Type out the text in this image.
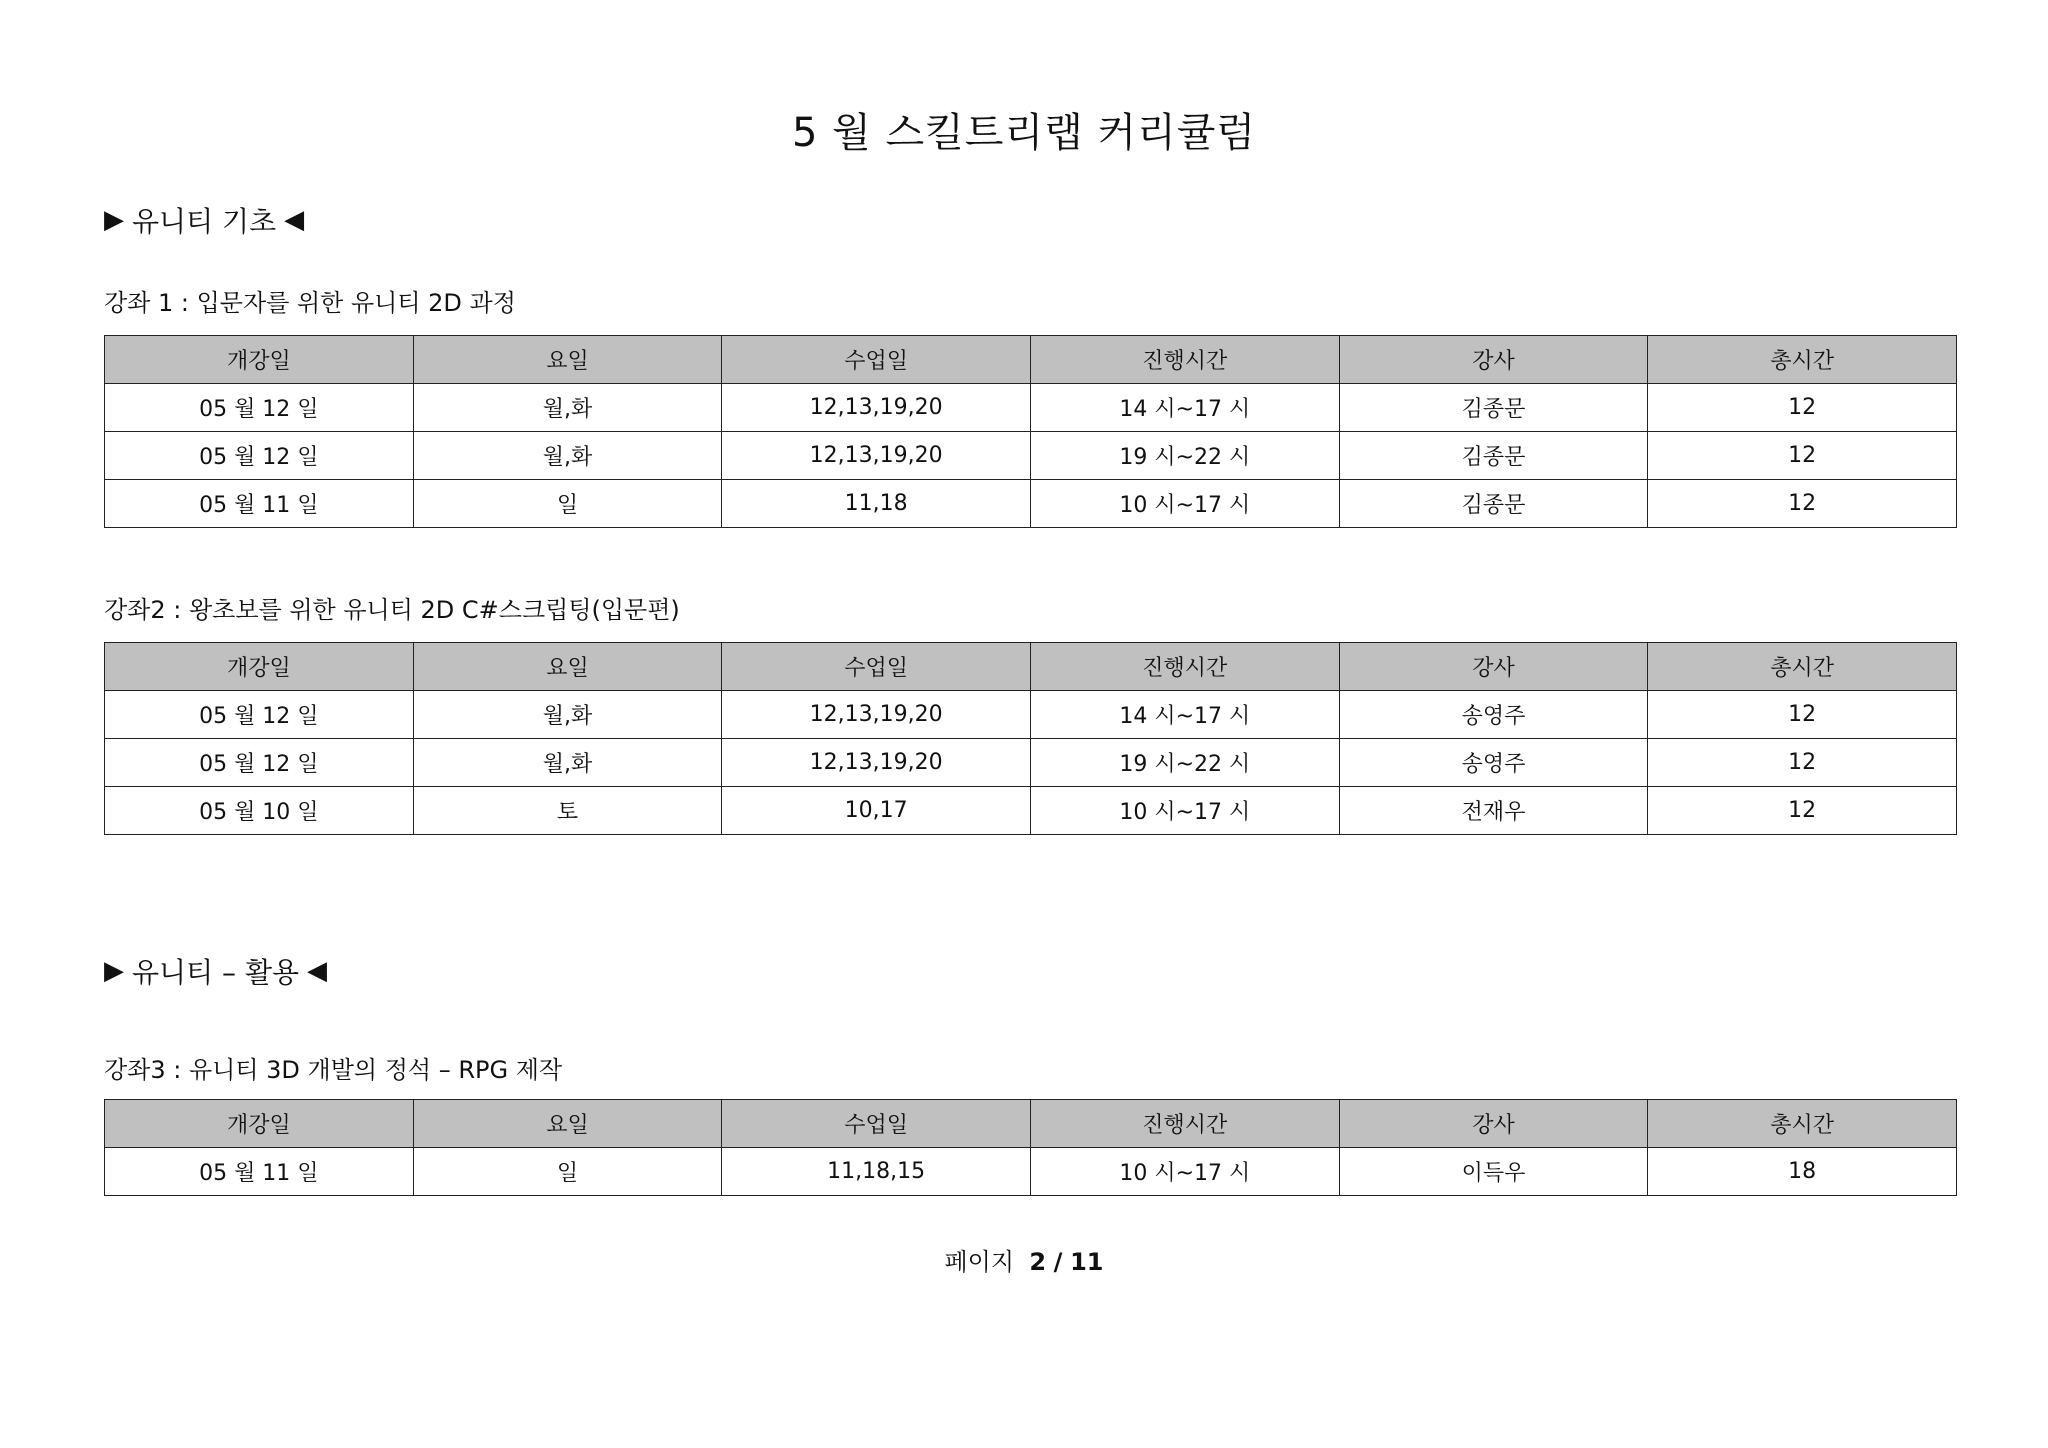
5 월 스킬트리랩 커리큘럼
▶ 유니티 기초 ◀
강좌 1 : 입문자를 위한 유니티 2D 과정
개강일	요일	수업일	진행시간	강사	총시간
05 월 12 일	월,화	12,13,19,20	14 시~17 시	김종문	12
05 월 12 일	월,화	12,13,19,20	19 시~22 시	김종문	12
05 월 11 일	일	11,18	10 시~17 시	김종문	12
강좌2 : 왕초보를 위한 유니티 2D C#스크립팅(입문편)
개강일	요일	수업일	진행시간	강사	총시간
05 월 12 일	월,화	12,13,19,20	14 시~17 시	송영주	12
05 월 12 일	월,화	12,13,19,20	19 시~22 시	송영주	12
05 월 10 일	토	10,17	10 시~17 시	전재우	12
▶ 유니티 – 활용 ◀
강좌3 : 유니티 3D 개발의 정석 – RPG 제작
개강일	요일	수업일	진행시간	강사	총시간
05 월 11 일	일	11,18,15	10 시~17 시	이득우	18
페이지 2 / 11
